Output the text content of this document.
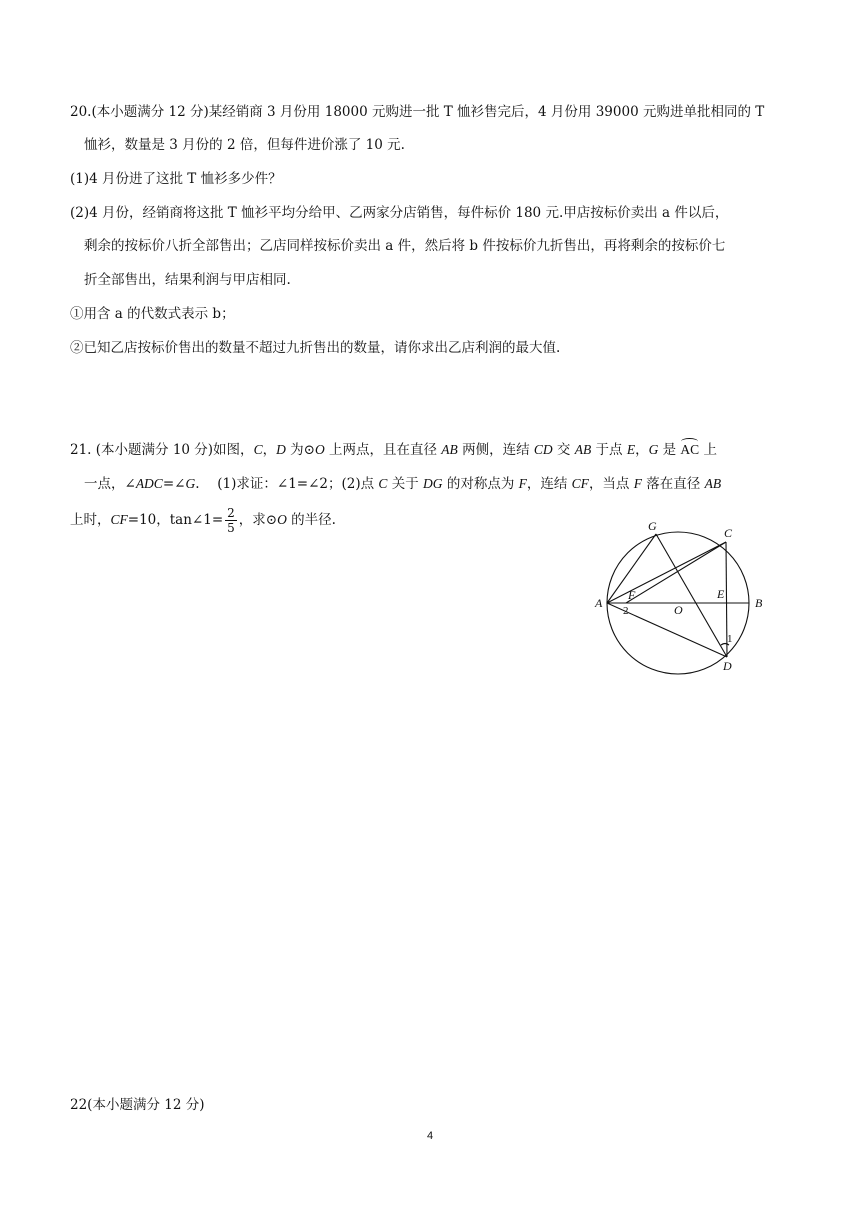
20.(本小题满分 12 分)某经销商 3 月份用 18000 元购进一批 T 恤衫售完后，4 月份用 39000 元购进单批相同的 T
恤衫，数量是 3 月份的 2 倍，但每件进价涨了 10 元.
(1)4 月份进了这批 T 恤衫多少件？
(2)4 月份，经销商将这批 T 恤衫平均分给甲、乙两家分店销售，每件标价 180 元.甲店按标价卖出 a 件以后，
剩余的按标价八折全部售出；乙店同样按标价卖出 a 件，然后将 b 件按标价九折售出，再将剩余的按标价七
折全部售出，结果利润与甲店相同.
①用含 a 的代数式表示 b；
②已知乙店按标价售出的数量不超过九折售出的数量，请你求出乙店利润的最大值.
21. (本小题满分 10 分)如图，C，D 为⊙O 上两点，且在直径 AB 两侧，连结 CD 交 AB 于点 E，G 是 AC 上
一点，∠ADC=∠G.　 (1)求证：∠1=∠2；(2)点 C 关于 DG 的对称点为 F，连结 CF，当点 F 落在直径 AB
上时，CF=10，tan∠1= $\frac{2}{5}$ ，求⊙O 的半径.	G	C
A
F
O
E
B
D
2
1
22(本小题满分 12 分)
4
